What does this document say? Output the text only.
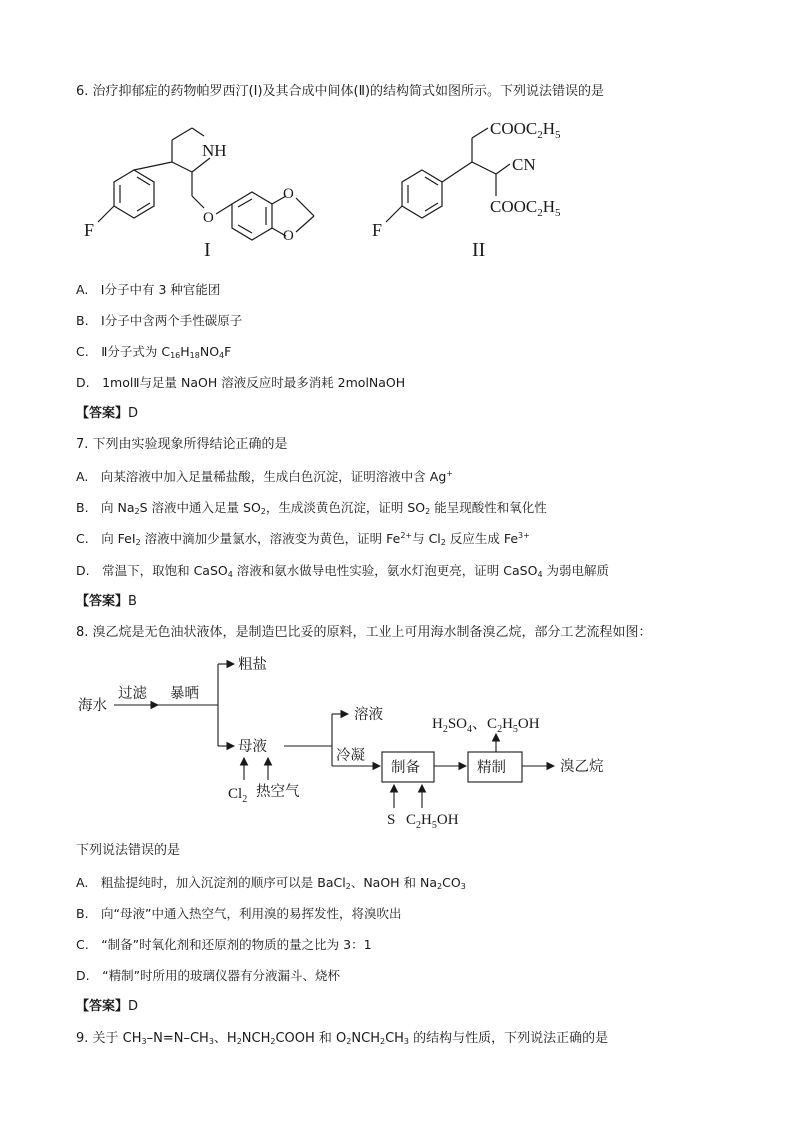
6. 治疗抑郁症的药物帕罗西汀(Ⅰ)及其合成中间体(Ⅱ)的结构简式如图所示。下列说法错误的是
F
NH
O
O
O
I
F
$COOC_2H_5$
CN
$COOC_2H_5$
II
A.　Ⅰ分子中有 3 种官能团
B.　Ⅰ分子中含两个手性碳原子
C.　Ⅱ分子式为 $C_{16}H_{18}NO_4F$
D.　1molⅡ与足量 NaOH 溶液反应时最多消耗 2molNaOH
【答案】D
7. 下列由实验现象所得结论正确的是
A.　向某溶液中加入足量稀盐酸，生成白色沉淀，证明溶液中含 Ag+
B.　向 $Na_2S$ 溶液中通入足量 $SO_2$，生成淡黄色沉淀，证明 $SO_2$ 能呈现酸性和氧化性
C.　向 FeI$_2$ 溶液中滴加少量氯水，溶液变为黄色，证明 $Fe^{2+}$与 $Cl_2$ 反应生成 $Fe^{3+}$
D.　常温下，取饱和 CaSO$_4$ 溶液和氨水做导电性实验，氨水灯泡更亮，证明 CaSO$_4$ 为弱电解质
【答案】B
8. 溴乙烷是无色油状液体，是制造巴比妥的原料，工业上可用海水制备溴乙烷，部分工艺流程如图：
海水
过滤 暴晒
粗盐
母液
$Cl_2$ 热空气
溶液
冷凝
制备	精制	溴乙烷
S $C_2H_5OH$
$H_2SO_4$、$C_2H_5OH$
下列说法错误的是
A.　粗盐提纯时，加入沉淀剂的顺序可以是 BaCl$_2$、NaOH 和 $Na_2CO_3$
B.　向“母液”中通入热空气，利用溴的易挥发性，将溴吹出
C.　“制备”时氧化剂和还原剂的物质的量之比为 3：1
D.　“精制”时所用的玻璃仪器有分液漏斗、烧杯
【答案】D
9. 关于 $CH_3-N=N-CH_3$、$H_2NCH_2COOH$ 和 $O_2NCH_2CH_3$ 的结构与性质，下列说法正确的是
